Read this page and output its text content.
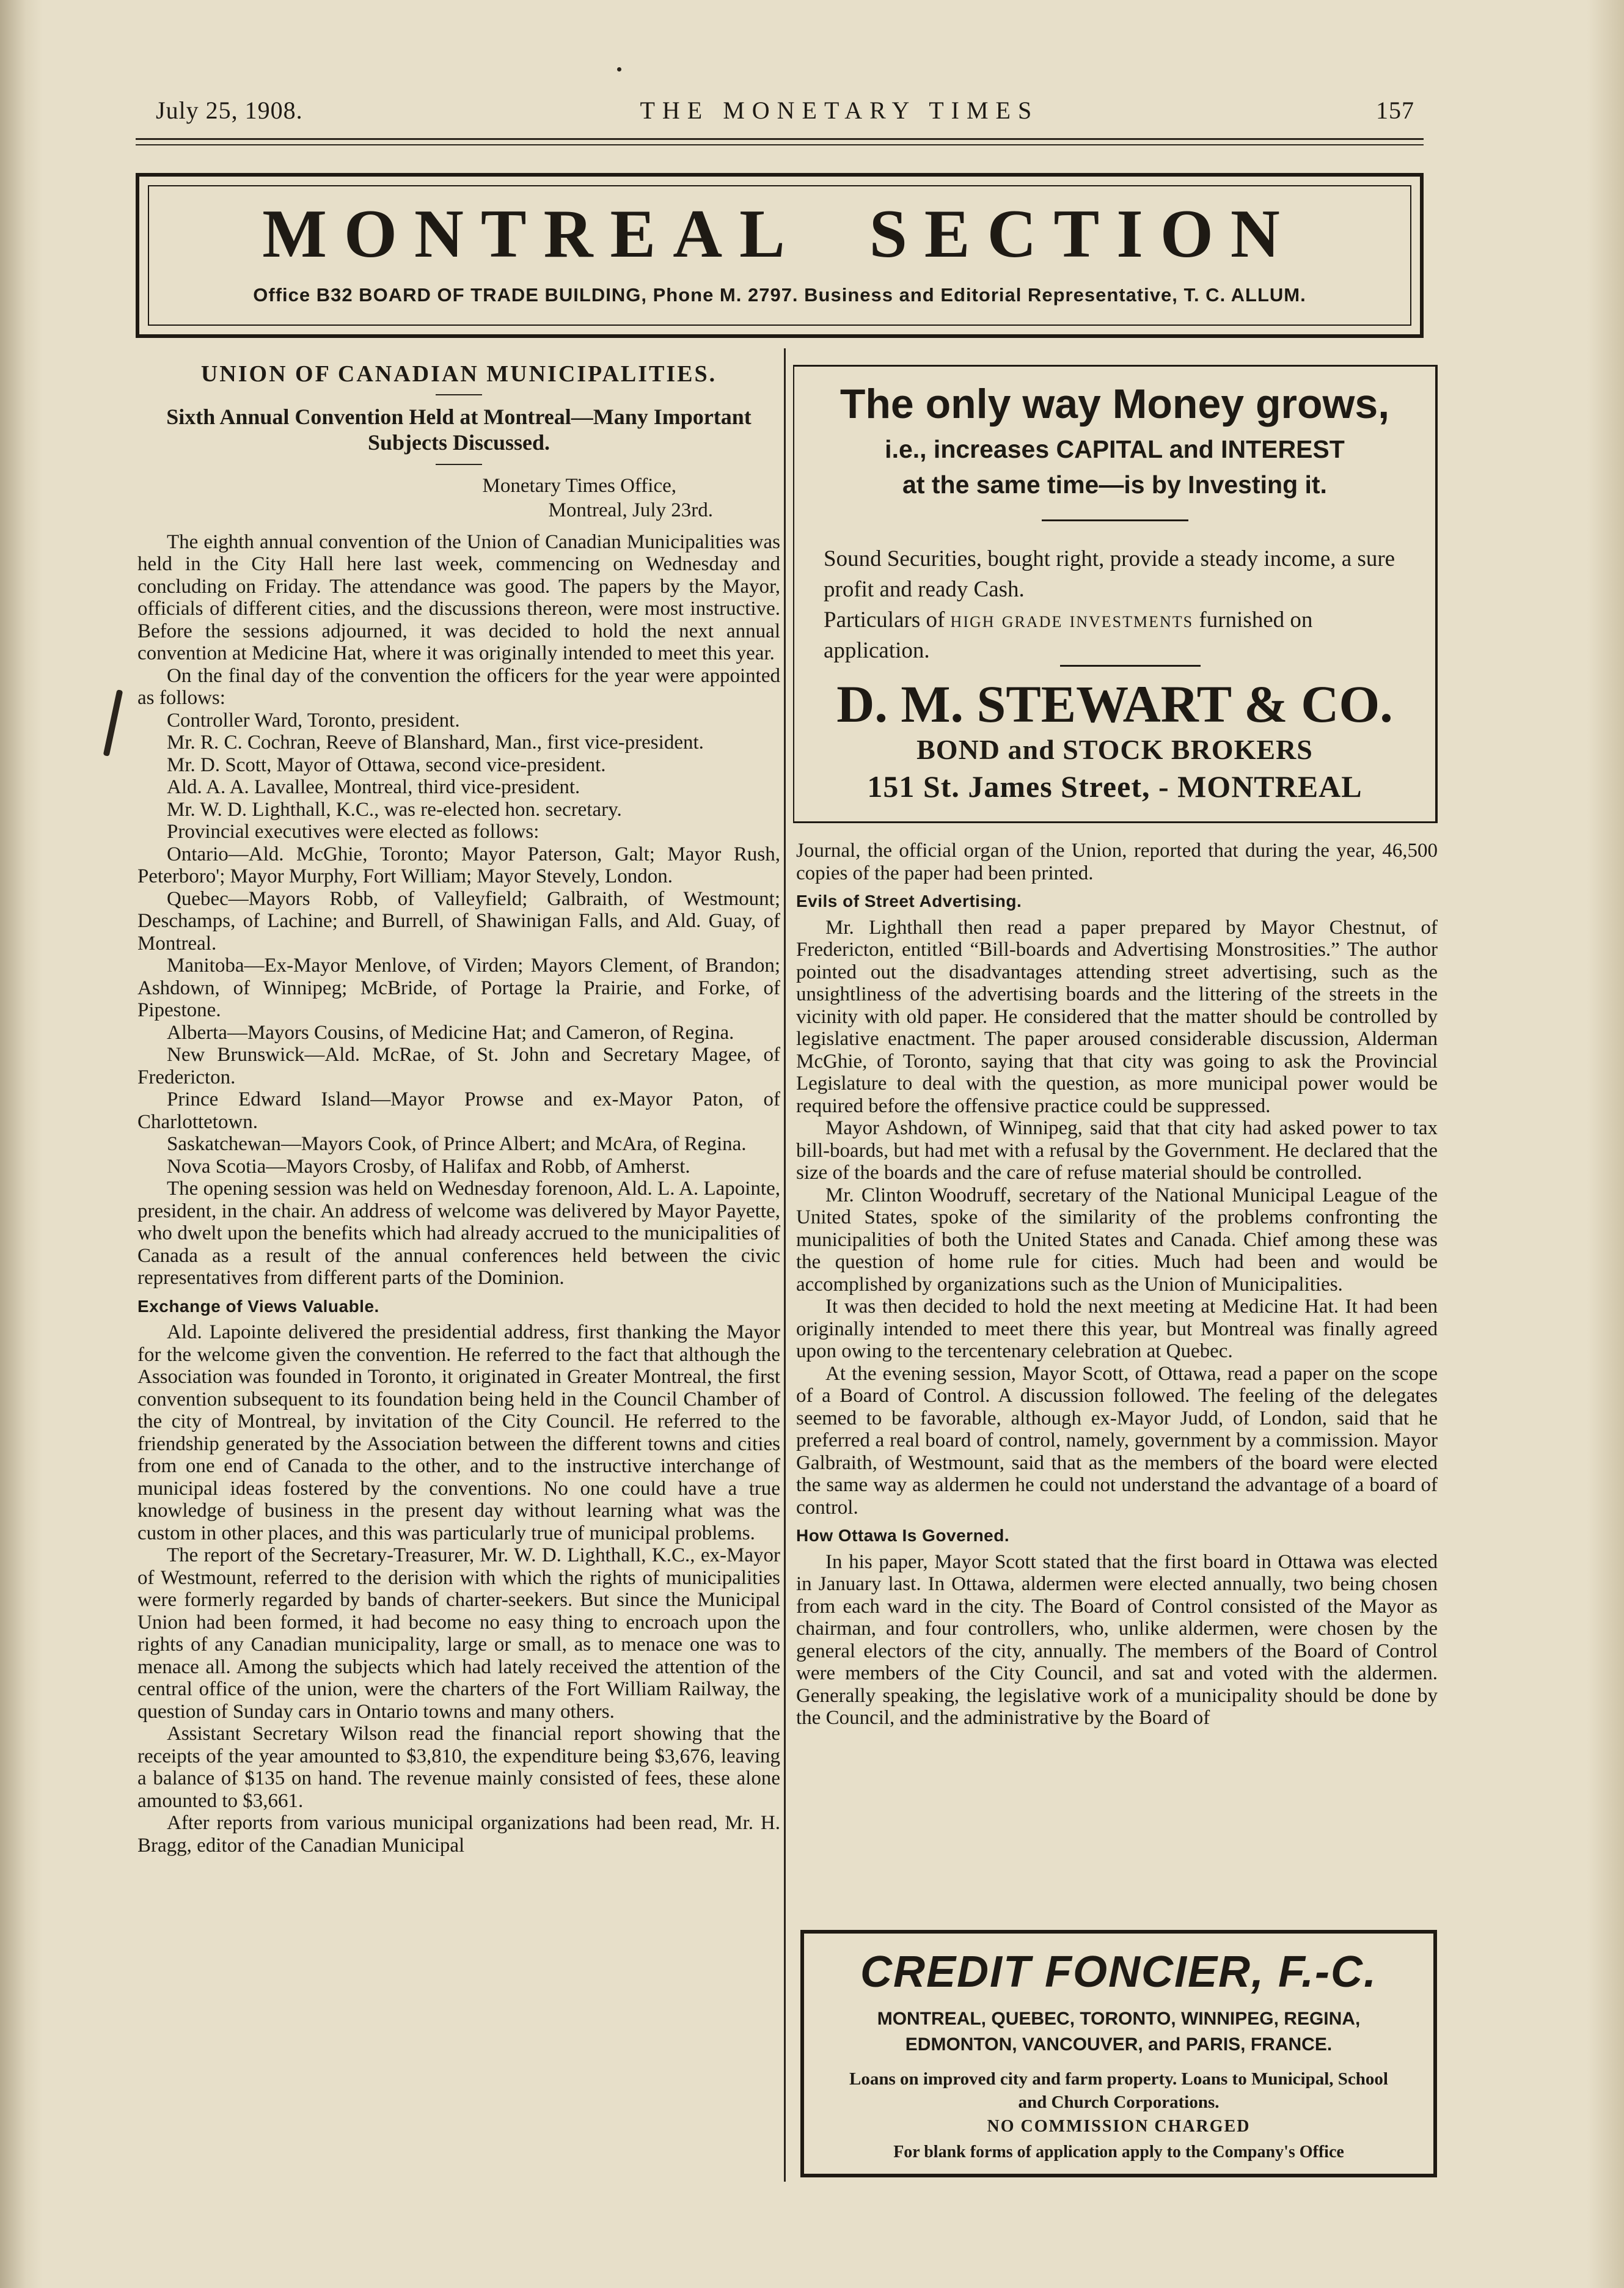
July 25, 1908.	THE MONETARY TIMES	157
MONTREAL SECTION
Office B32 BOARD OF TRADE BUILDING, Phone M. 2797. Business and Editorial Representative, T. C. ALLUM.
UNION OF CANADIAN MUNICIPALITIES.
Sixth Annual Convention Held at Montreal—Many Important Subjects Discussed.
Monetary Times Office,
Montreal, July 23rd.

The eighth annual convention of the Union of Canadian Municipalities was held in the City Hall here last week, commencing on Wednesday and concluding on Friday. The attendance was good. The papers by the Mayor, officials of different cities, and the discussions thereon, were most instructive. Before the sessions adjourned, it was decided to hold the next annual convention at Medicine Hat, where it was originally intended to meet this year.

On the final day of the convention the officers for the year were appointed as follows:

Controller Ward, Toronto, president.

Mr. R. C. Cochran, Reeve of Blanshard, Man., first vice-president.

Mr. D. Scott, Mayor of Ottawa, second vice-president.

Ald. A. A. Lavallee, Montreal, third vice-president.

Mr. W. D. Lighthall, K.C., was re-elected hon. secretary.

Provincial executives were elected as follows:

Ontario—Ald. McGhie, Toronto; Mayor Paterson, Galt; Mayor Rush, Peterboro'; Mayor Murphy, Fort William; Mayor Stevely, London.

Quebec—Mayors Robb, of Valleyfield; Galbraith, of Westmount; Deschamps, of Lachine; and Burrell, of Shawinigan Falls, and Ald. Guay, of Montreal.

Manitoba—Ex-Mayor Menlove, of Virden; Mayors Clement, of Brandon; Ashdown, of Winnipeg; McBride, of Portage la Prairie, and Forke, of Pipestone.

Alberta—Mayors Cousins, of Medicine Hat; and Cameron, of Regina.

New Brunswick—Ald. McRae, of St. John and Secretary Magee, of Fredericton.

Prince Edward Island—Mayor Prowse and ex-Mayor Paton, of Charlottetown.

Saskatchewan—Mayors Cook, of Prince Albert; and McAra, of Regina.

Nova Scotia—Mayors Crosby, of Halifax and Robb, of Amherst.

The opening session was held on Wednesday forenoon, Ald. L. A. Lapointe, president, in the chair. An address of welcome was delivered by Mayor Payette, who dwelt upon the benefits which had already accrued to the municipalities of Canada as a result of the annual conferences held between the civic representatives from different parts of the Dominion.

Exchange of Views Valuable.

Ald. Lapointe delivered the presidential address, first thanking the Mayor for the welcome given the convention. He referred to the fact that although the Association was founded in Toronto, it originated in Greater Montreal, the first convention subsequent to its foundation being held in the Council Chamber of the city of Montreal, by invitation of the City Council. He referred to the friendship generated by the Association between the different towns and cities from one end of Canada to the other, and to the instructive interchange of municipal ideas fostered by the conventions. No one could have a true knowledge of business in the present day without learning what was the custom in other places, and this was particularly true of municipal problems.

The report of the Secretary-Treasurer, Mr. W. D. Lighthall, K.C., ex-Mayor of Westmount, referred to the derision with which the rights of municipalities were formerly regarded by bands of charter-seekers. But since the Municipal Union had been formed, it had become no easy thing to encroach upon the rights of any Canadian municipality, large or small, as to menace one was to menace all. Among the subjects which had lately received the attention of the central office of the union, were the charters of the Fort William Railway, the question of Sunday cars in Ontario towns and many others.

Assistant Secretary Wilson read the financial report showing that the receipts of the year amounted to $3,810, the expenditure being $3,676, leaving a balance of $135 on hand. The revenue mainly consisted of fees, these alone amounted to $3,661.

After reports from various municipal organizations had been read, Mr. H. Bragg, editor of the Canadian Municipal

The only way Money grows,
i.e., increases CAPITAL and INTEREST
at the same time—is by Investing it.
Sound Securities, bought right, provide a steady income, a sure profit and ready Cash.
Particulars of high grade investments furnished on application.
D. M. STEWART & CO.
BOND and STOCK BROKERS
151 St. James Street, - MONTREAL

Journal, the official organ of the Union, reported that during the year, 46,500 copies of the paper had been printed.

Evils of Street Advertising.

Mr. Lighthall then read a paper prepared by Mayor Chestnut, of Fredericton, entitled “Bill-boards and Advertising Monstrosities.” The author pointed out the disadvantages attending street advertising, such as the unsightliness of the advertising boards and the littering of the streets in the vicinity with old paper. He considered that the matter should be controlled by legislative enactment. The paper aroused considerable discussion, Alderman McGhie, of Toronto, saying that that city was going to ask the Provincial Legislature to deal with the question, as more municipal power would be required before the offensive practice could be suppressed.

Mayor Ashdown, of Winnipeg, said that that city had asked power to tax bill-boards, but had met with a refusal by the Government. He declared that the size of the boards and the care of refuse material should be controlled.

Mr. Clinton Woodruff, secretary of the National Municipal League of the United States, spoke of the similarity of the problems confronting the municipalities of both the United States and Canada. Chief among these was the question of home rule for cities. Much had been and would be accomplished by organizations such as the Union of Municipalities.

It was then decided to hold the next meeting at Medicine Hat. It had been originally intended to meet there this year, but Montreal was finally agreed upon owing to the tercentenary celebration at Quebec.

At the evening session, Mayor Scott, of Ottawa, read a paper on the scope of a Board of Control. A discussion followed. The feeling of the delegates seemed to be favorable, although ex-Mayor Judd, of London, said that he preferred a real board of control, namely, government by a commission. Mayor Galbraith, of Westmount, said that as the members of the board were elected the same way as aldermen he could not understand the advantage of a board of control.

How Ottawa Is Governed.

In his paper, Mayor Scott stated that the first board in Ottawa was elected in January last. In Ottawa, aldermen were elected annually, two being chosen from each ward in the city. The Board of Control consisted of the Mayor as chairman, and four controllers, who, unlike aldermen, were chosen by the general electors of the city, annually. The members of the Board of Control were members of the City Council, and sat and voted with the aldermen. Generally speaking, the legislative work of a municipality should be done by the Council, and the administrative by the Board of

CREDIT FONCIER, F.-C.
MONTREAL, QUEBEC, TORONTO, WINNIPEG, REGINA,
EDMONTON, VANCOUVER, and PARIS, FRANCE.
Loans on improved city and farm property. Loans to Municipal, School
and Church Corporations.
NO COMMISSION CHARGED
For blank forms of application apply to the Company's Office
